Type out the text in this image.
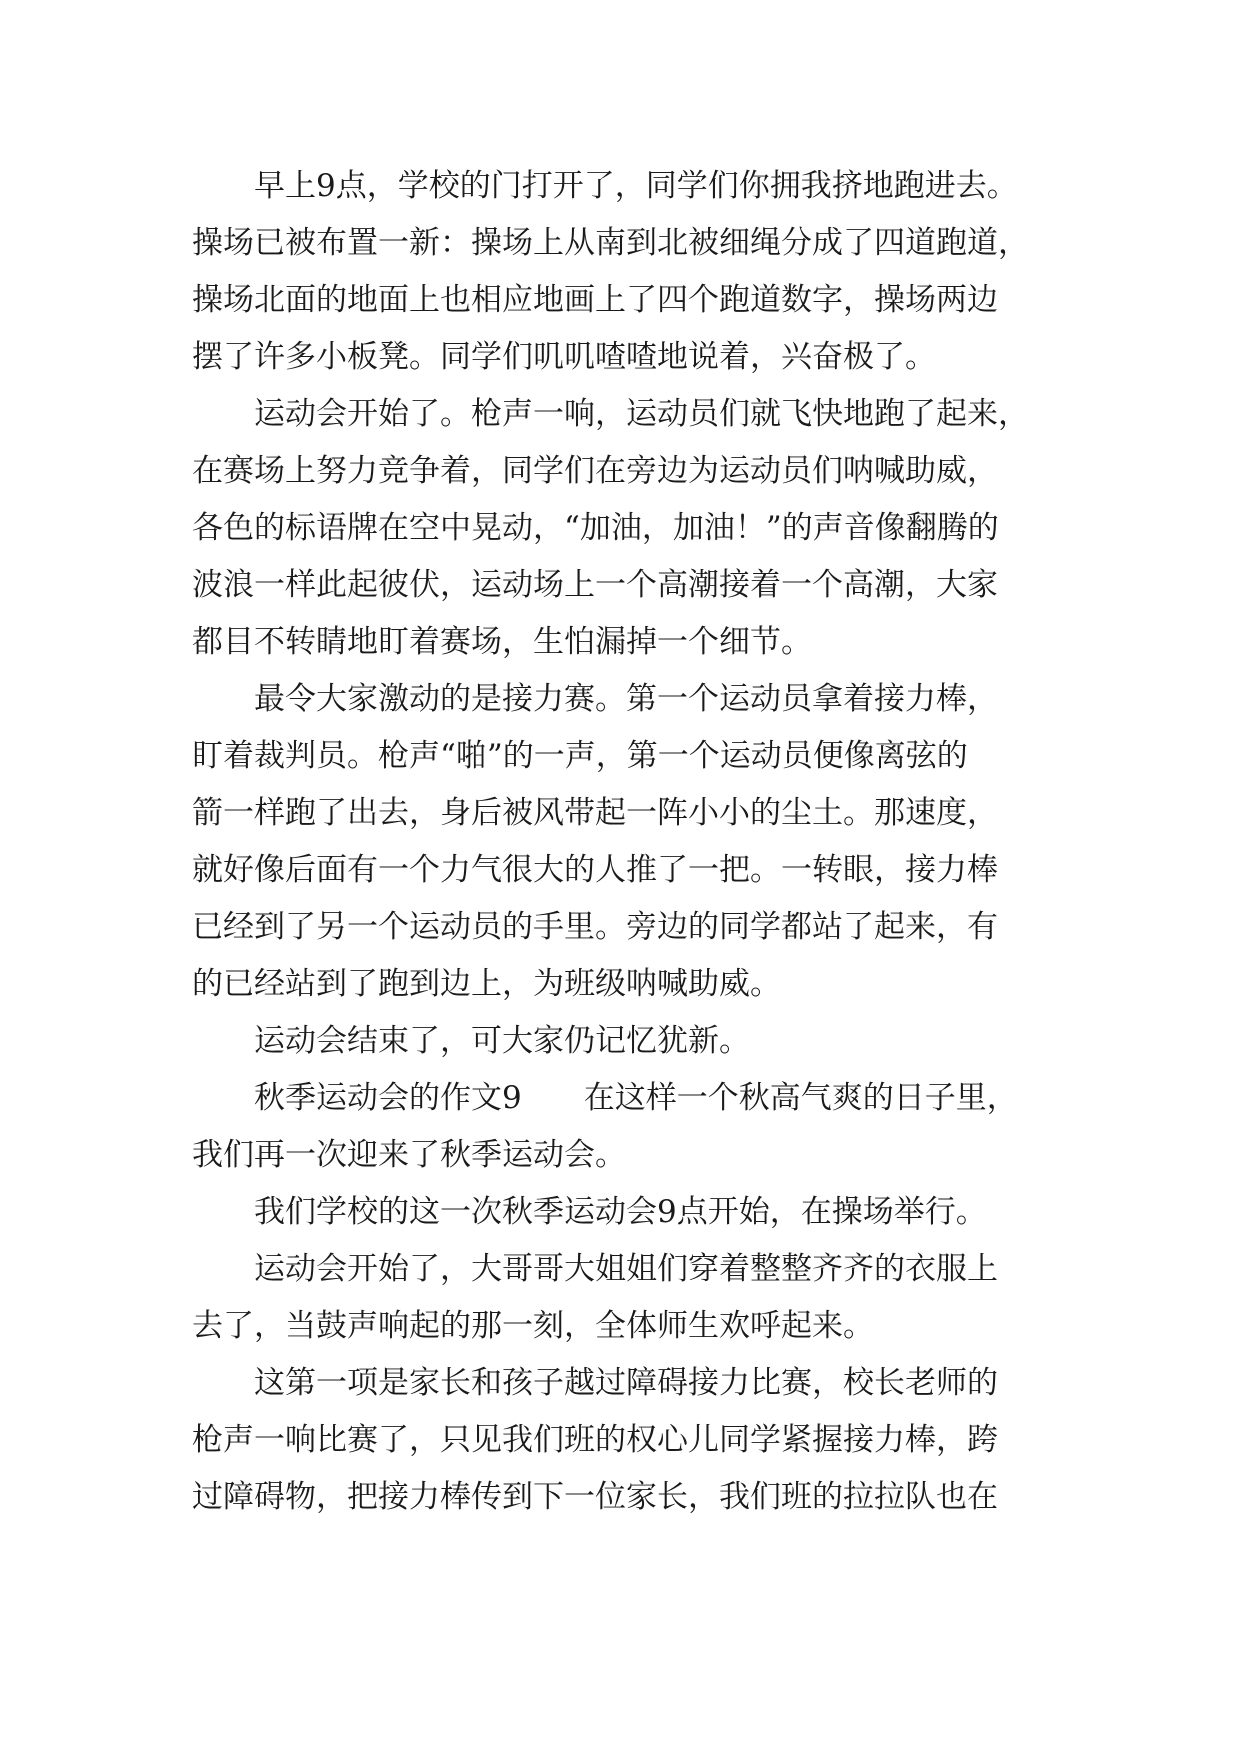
早上9点，学校的门打开了，同学们你拥我挤地跑进去。
操场已被布置一新：操场上从南到北被细绳分成了四道跑道，
操场北面的地面上也相应地画上了四个跑道数字，操场两边
摆了许多小板凳。同学们叽叽喳喳地说着，兴奋极了。
运动会开始了。枪声一响，运动员们就飞快地跑了起来，
在赛场上努力竞争着，同学们在旁边为运动员们呐喊助威，
各色的标语牌在空中晃动，“加油，加油！”的声音像翻腾的
波浪一样此起彼伏，运动场上一个高潮接着一个高潮，大家
都目不转睛地盯着赛场，生怕漏掉一个细节。
最令大家激动的是接力赛。第一个运动员拿着接力棒，
盯着裁判员。枪声“啪”的一声，第一个运动员便像离弦的
箭一样跑了出去，身后被风带起一阵小小的尘土。那速度，
就好像后面有一个力气很大的人推了一把。一转眼，接力棒
已经到了另一个运动员的手里。旁边的同学都站了起来，有
的已经站到了跑到边上，为班级呐喊助威。
运动会结束了，可大家仍记忆犹新。
秋季运动会的作文9　　在这样一个秋高气爽的日子里，
我们再一次迎来了秋季运动会。
我们学校的这一次秋季运动会9点开始，在操场举行。
运动会开始了，大哥哥大姐姐们穿着整整齐齐的衣服上
去了，当鼓声响起的那一刻，全体师生欢呼起来。
这第一项是家长和孩子越过障碍接力比赛，校长老师的
枪声一响比赛了，只见我们班的权心儿同学紧握接力棒，跨
过障碍物，把接力棒传到下一位家长，我们班的拉拉队也在
